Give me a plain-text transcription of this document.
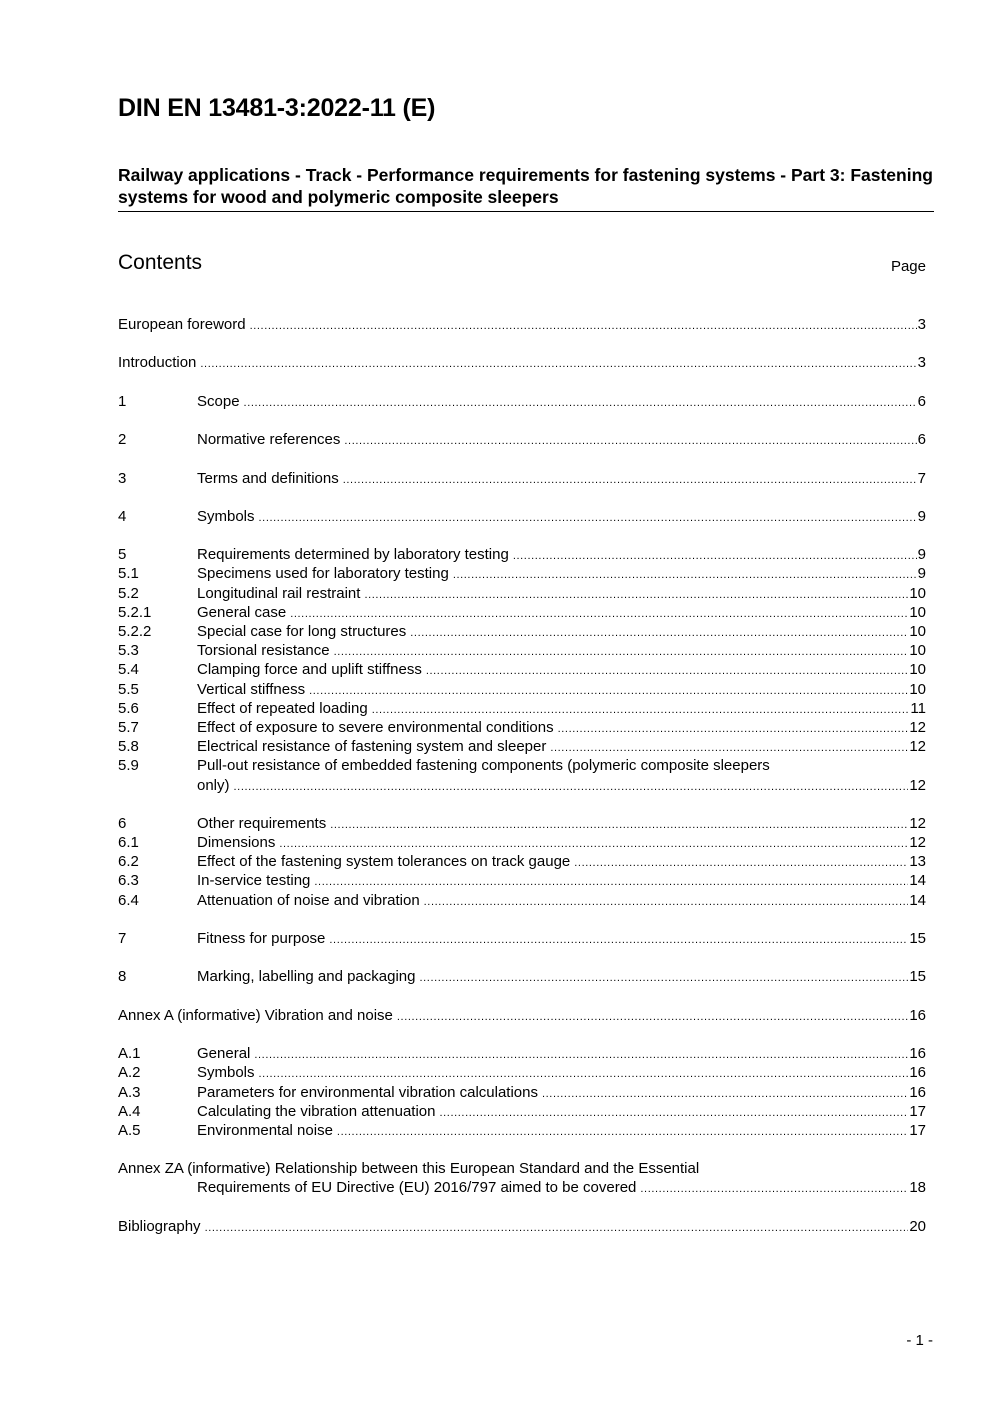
DIN EN 13481-3:2022-11 (E)
Railway applications - Track - Performance requirements for fastening systems - Part 3: Fastening systems for wood and polymeric composite sleepers
Contents	Page
European foreword .....	3
Introduction .....	3
1	Scope .....	6
2	Normative references .....	6
3	Terms and definitions .....	7
4	Symbols .....	9
5	Requirements determined by laboratory testing .....	9
5.1	Specimens used for laboratory testing .....	9
5.2	Longitudinal rail restraint .....	10
5.2.1	General case .....	10
5.2.2	Special case for long structures .....	10
5.3	Torsional resistance .....	10
5.4	Clamping force and uplift stiffness .....	10
5.5	Vertical stiffness .....	10
5.6	Effect of repeated loading .....	11
5.7	Effect of exposure to severe environmental conditions .....	12
5.8	Electrical resistance of fastening system and sleeper .....	12
5.9	Pull-out resistance of embedded fastening components (polymeric composite sleepers
only) .....	12
6	Other requirements .....	12
6.1	Dimensions .....	12
6.2	Effect of the fastening system tolerances on track gauge .....	13
6.3	In-service testing .....	14
6.4	Attenuation of noise and vibration .....	14
7	Fitness for purpose .....	15
8	Marking, labelling and packaging .....	15
Annex A (informative) Vibration and noise .....	16
A.1	General .....	16
A.2	Symbols .....	16
A.3	Parameters for environmental vibration calculations .....	16
A.4	Calculating the vibration attenuation .....	17
A.5	Environmental noise .....	17
Annex ZA (informative) Relationship between this European Standard and the Essential
Requirements of EU Directive (EU) 2016/797 aimed to be covered .....	18
Bibliography .....	20
- 1 -
